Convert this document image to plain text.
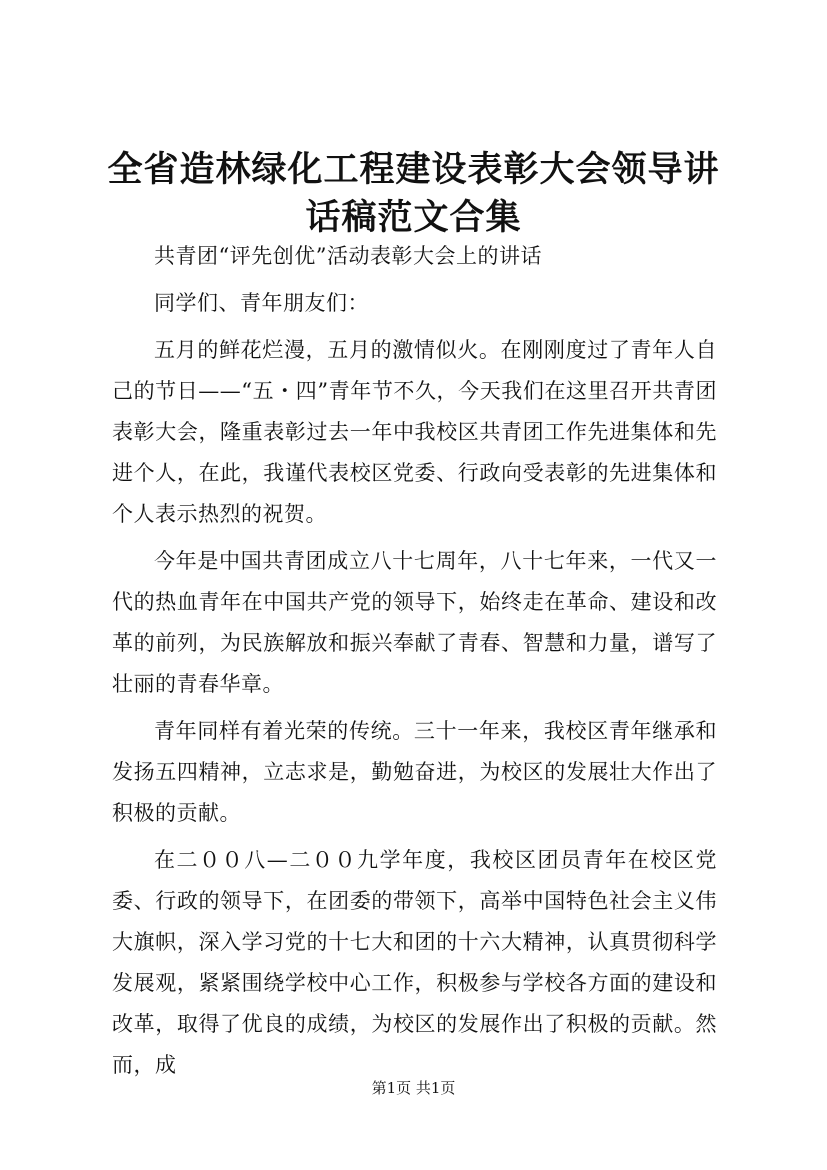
全省造林绿化工程建设表彰大会领导讲话稿范文合集

共青团“评先创优”活动表彰大会上的讲话

同学们、青年朋友们：

五月的鲜花烂漫，五月的激情似火。在刚刚度过了青年人自己的节日——“五・四”青年节不久，今天我们在这里召开共青团表彰大会，隆重表彰过去一年中我校区共青团工作先进集体和先进个人，在此，我谨代表校区党委、行政向受表彰的先进集体和个人表示热烈的祝贺。

今年是中国共青团成立八十七周年，八十七年来，一代又一代的热血青年在中国共产党的领导下，始终走在革命、建设和改革的前列，为民族解放和振兴奉献了青春、智慧和力量，谱写了壮丽的青春华章。

青年同样有着光荣的传统。三十一年来，我校区青年继承和发扬五四精神，立志求是，勤勉奋进，为校区的发展壮大作出了积极的贡献。

在二００八—二００九学年度，我校区团员青年在校区党委、行政的领导下，在团委的带领下，高举中国特色社会主义伟大旗帜，深入学习党的十七大和团的十六大精神，认真贯彻科学发展观，紧紧围绕学校中心工作，积极参与学校各方面的建设和改革，取得了优良的成绩，为校区的发展作出了积极的贡献。然而，成

第1页 共1页
